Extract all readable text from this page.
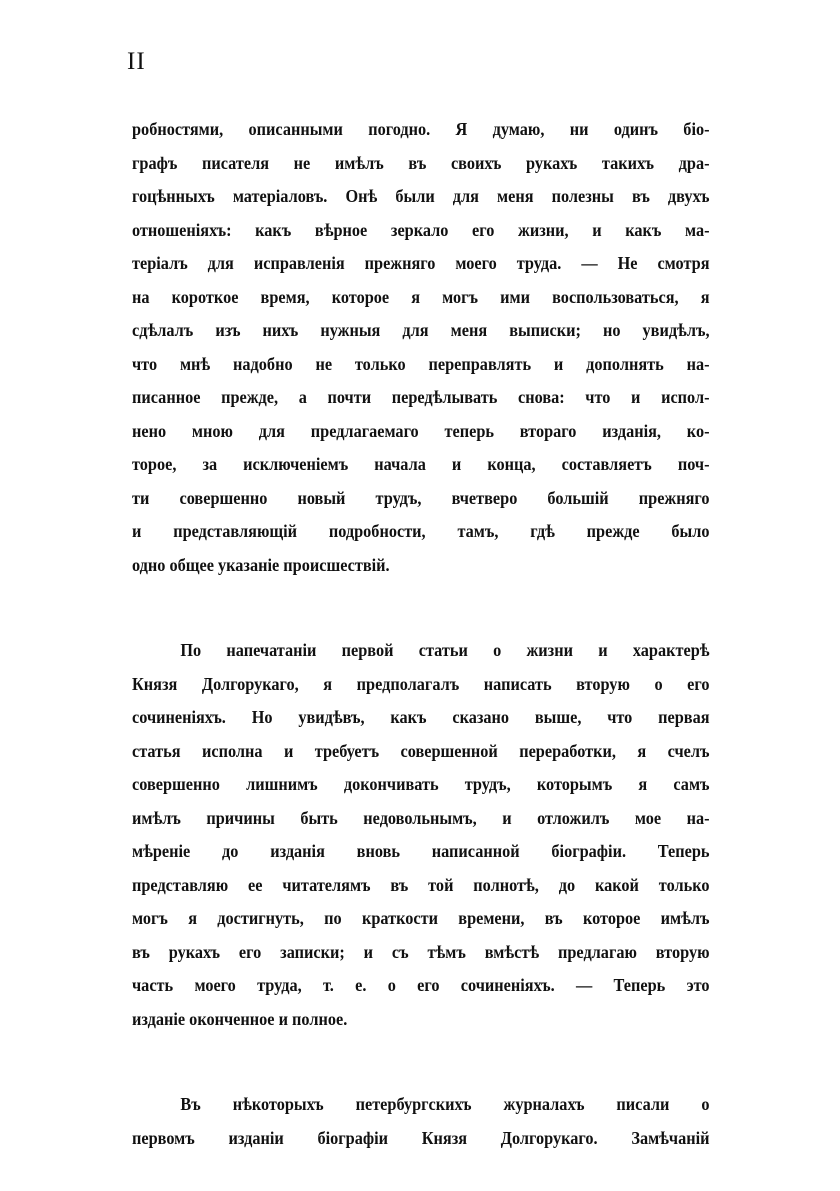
II
робностями, описанными погодно. Я думаю, ни одинъ біо-
графъ писателя не имѣлъ въ своихъ рукахъ такихъ дра-
гоцѣнныхъ матеріаловъ. Онѣ были для меня полезны въ двухъ
отношеніяхъ: какъ вѣрное зеркало его жизни, и какъ ма-
теріалъ для исправленія прежняго моего труда. — Не смотря
на короткое время, которое я могъ ими воспользоваться, я
сдѣлалъ изъ нихъ нужныя для меня выписки; но увидѣлъ,
что мнѣ надобно не только переправлять и дополнять на-
писанное прежде, а почти передѣлывать снова: что и испол-
нено мною для предлагаемаго теперь втораго изданія, ко-
торое, за исключеніемъ начала и конца, составляетъ поч-
ти совершенно новый трудъ, вчетверо большій прежняго
и представляющій подробности, тамъ, гдѣ прежде было
одно общее указаніе происшествій.
По напечатаніи первой статьи о жизни и характерѣ
Князя Долгорукаго, я предполагалъ написать вторую о его
сочиненіяхъ. Но увидѣвъ, какъ сказано выше, что первая
статья исполна и требуетъ совершенной переработки, я счелъ
совершенно лишнимъ докончивать трудъ, которымъ я самъ
имѣлъ причины быть недовольнымъ, и отложилъ мое на-
мѣреніе до изданія вновь написанной біографіи. Теперь
представляю ее читателямъ въ той полнотѣ, до какой только
могъ я достигнуть, по краткости времени, въ которое имѣлъ
въ рукахъ его записки; и съ тѣмъ вмѣстѣ предлагаю вторую
часть моего труда, т. е. о его сочиненіяхъ. — Теперь это
изданіе оконченное и полное.
Въ нѣкоторыхъ петербургскихъ журналахъ писали о
первомъ изданіи біографіи Князя Долгорукаго. Замѣчаній
